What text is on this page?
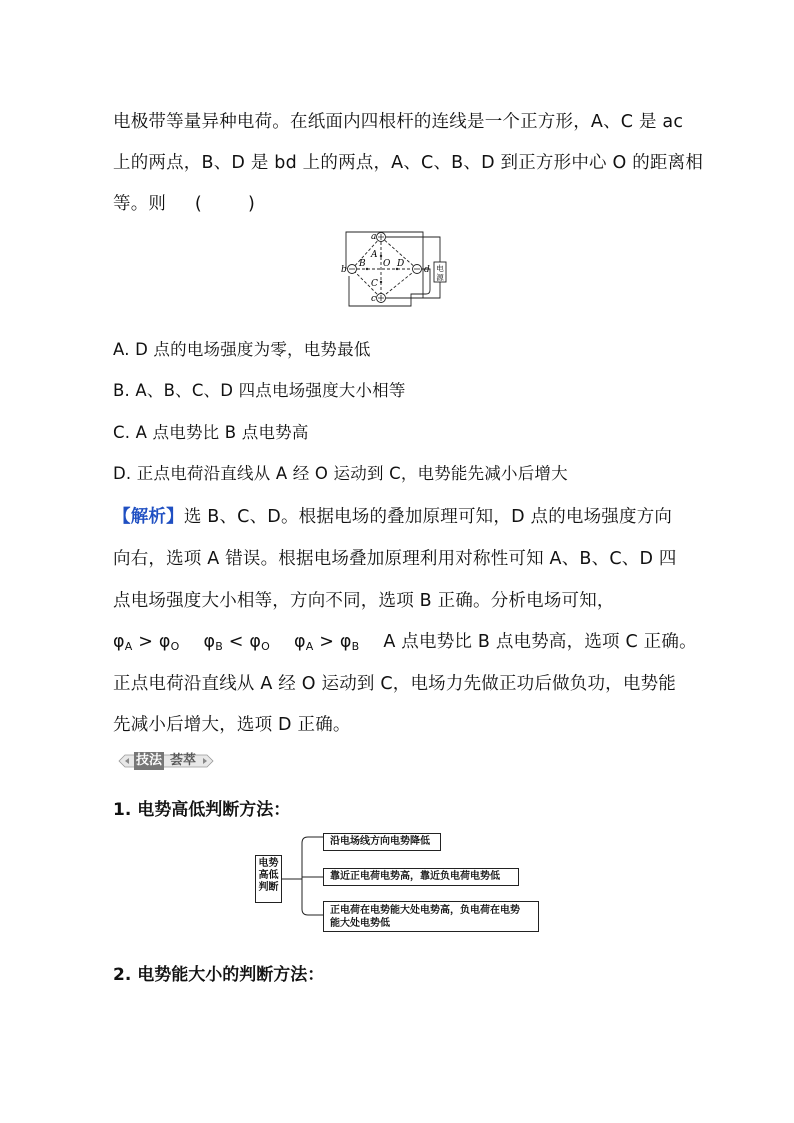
电极带等量异种电荷。在纸面内四根杆的连线是一个正方形，A、C 是 ac
上的两点，B、D 是 bd 上的两点，A、C、B、D 到正方形中心 O 的距离相
等。则     (        )
电
源
a
b
c
d
A
B
C
D
O
A. D 点的电场强度为零，电势最低
B. A、B、C、D 四点电场强度大小相等
C. A 点电势比 B 点电势高
D. 正点电荷沿直线从 A 经 O 运动到 C，电势能先减小后增大
【解析】选 B、C、D。根据电场的叠加原理可知，D 点的电场强度方向
向右，选项 A 错误。根据电场叠加原理利用对称性可知 A、B、C、D 四
点电场强度大小相等，方向不同，选项 B 正确。分析电场可知，
$\varphi_A > \varphi_O$ $\varphi_B < \varphi_O$ $\varphi_A > \varphi_B$ A 点电势比 B 点电势高，选项 C 正确。
正点电荷沿直线从 A 经 O 运动到 C，电场力先做正功后做负功，电势能
先减小后增大，选项 D 正确。
技法 荟萃
1. 电势高低判断方法：
电势
高低
判断
沿电场线方向电势降低
靠近正电荷电势高，靠近负电荷电势低
正电荷在电势能大处电势高，负电荷在电势
能大处电势低
2. 电势能大小的判断方法：
